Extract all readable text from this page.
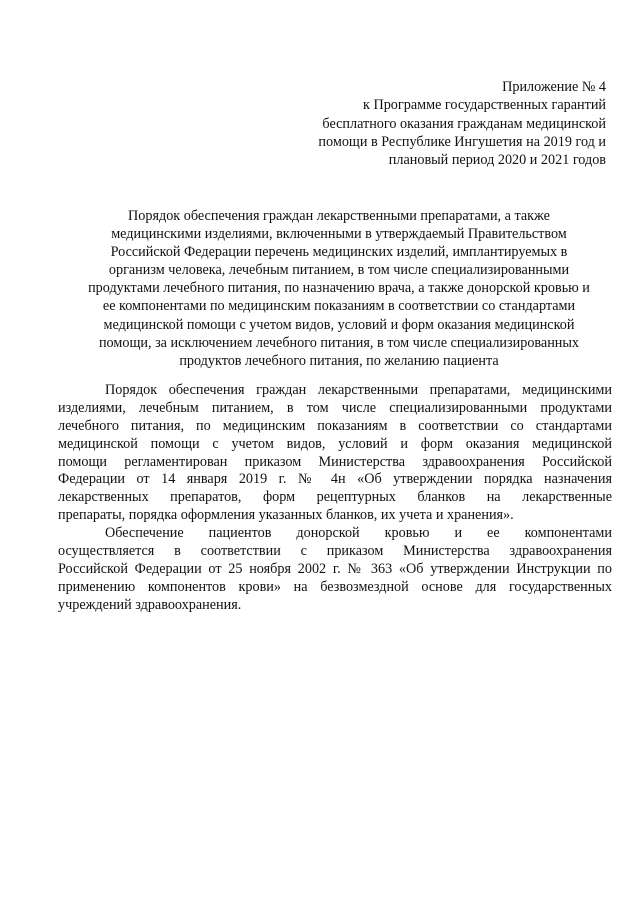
Приложение № 4
к Программе государственных гарантий
бесплатного оказания гражданам медицинской
помощи в Республике Ингушетия на 2019 год и
плановый период 2020 и 2021 годов
Порядок обеспечения граждан лекарственными препаратами, а также
медицинскими изделиями, включенными в утверждаемый Правительством
Российской Федерации перечень медицинских изделий, имплантируемых в
организм человека, лечебным питанием, в том числе специализированными
продуктами лечебного питания, по назначению врача, а также донорской кровью и
ее компонентами по медицинским показаниям в соответствии со стандартами
медицинской помощи с учетом видов, условий и форм оказания медицинской
помощи, за исключением лечебного питания, в том числе специализированных
продуктов лечебного питания, по желанию пациента
Порядок обеспечения граждан лекарственными препаратами, медицинскими
изделиями, лечебным питанием, в том числе специализированными продуктами
лечебного питания, по медицинским показаниям в соответствии со стандартами
медицинской помощи с учетом видов, условий и форм оказания медицинской
помощи регламентирован приказом Министерства здравоохранения Российской
Федерации от 14 января 2019 г. № 4н «Об утверждении порядка назначения
лекарственных препаратов, форм рецептурных бланков на лекарственные
препараты, порядка оформления указанных бланков, их учета и хранения».
Обеспечение пациентов донорской кровью и ее компонентами
осуществляется в соответствии с приказом Министерства здравоохранения
Российской Федерации от 25 ноября 2002 г. № 363 «Об утверждении Инструкции по
применению компонентов крови» на безвозмездной основе для государственных
учреждений здравоохранения.
